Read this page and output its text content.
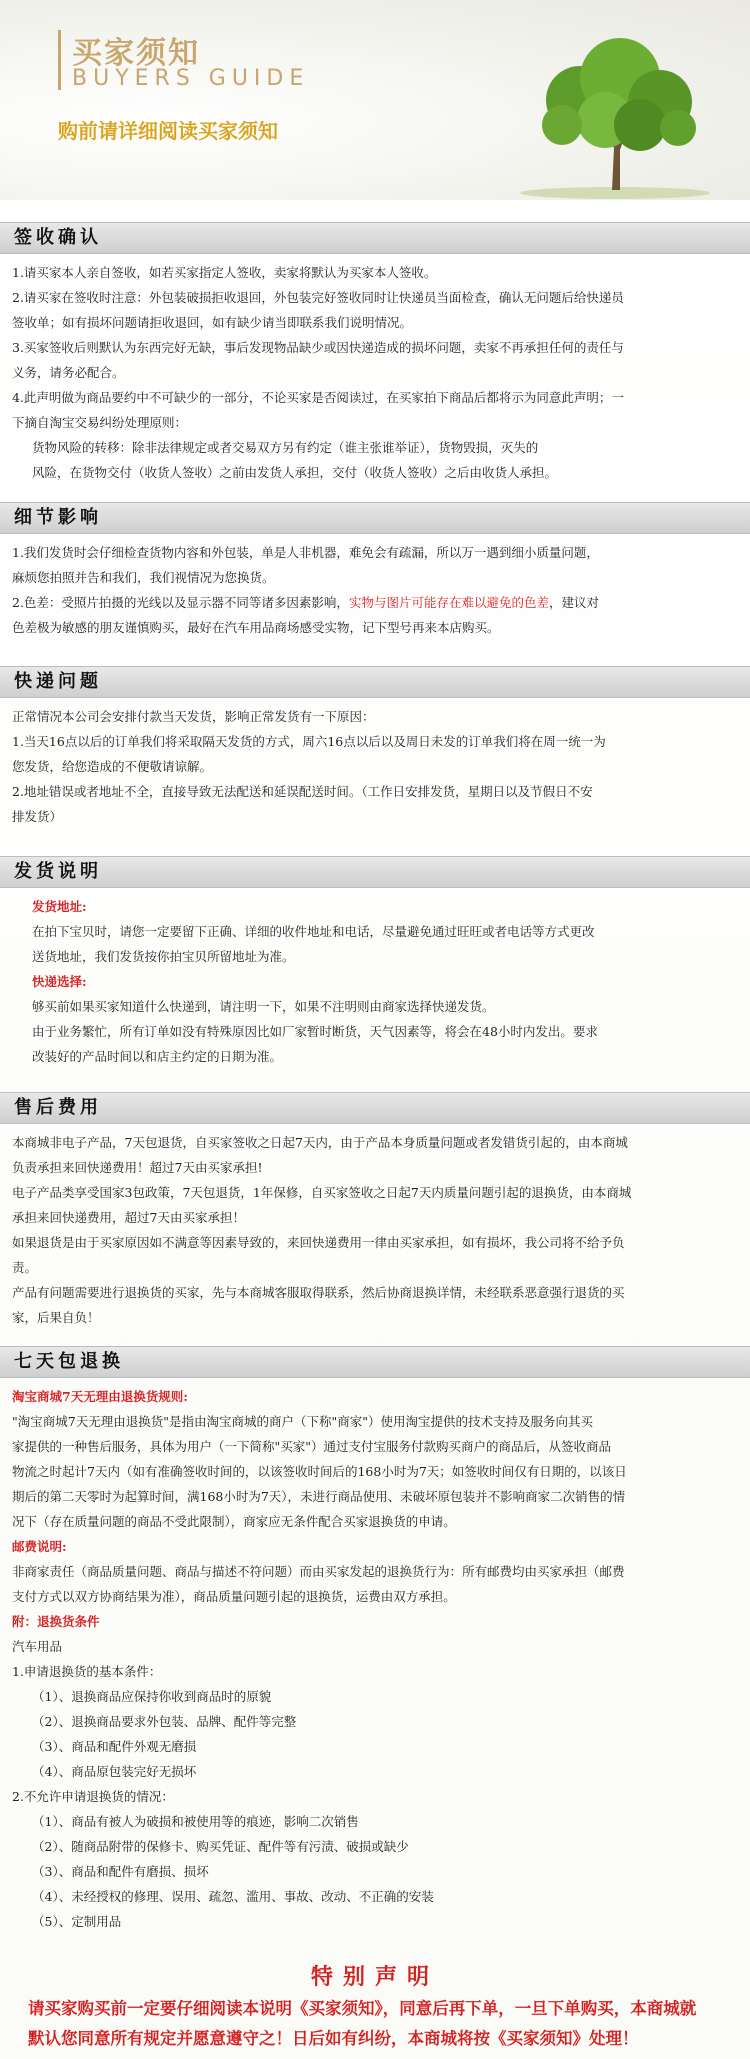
买家须知
BUYERS GUIDE
购前请详细阅读买家须知
签收确认

1.请买家本人亲自签收，如若买家指定人签收，卖家将默认为买家本人签收。

2.请买家在签收时注意：外包装破损拒收退回，外包装完好签收同时让快递员当面检查，确认无问题后给快递员

签收单；如有损坏问题请拒收退回，如有缺少请当即联系我们说明情况。

3.买家签收后则默认为东西完好无缺，事后发现物品缺少或因快递造成的损坏问题，卖家不再承担任何的责任与

义务，请务必配合。

4.此声明做为商品要约中不可缺少的一部分，不论买家是否阅读过，在买家拍下商品后都将示为同意此声明；一

下摘自淘宝交易纠纷处理原则：

货物风险的转移：除非法律规定或者交易双方另有约定（谁主张谁举证），货物毁损，灭失的

风险，在货物交付（收货人签收）之前由发货人承担，交付（收货人签收）之后由收货人承担。

细节影响

1.我们发货时会仔细检查货物内容和外包装，单是人非机器，难免会有疏漏，所以万一遇到细小质量问题，

麻烦您拍照并告和我们，我们视情况为您换货。

2.色差：受照片拍摄的光线以及显示器不同等诸多因素影响，实物与图片可能存在难以避免的色差，建议对

色差极为敏感的朋友谨慎购买，最好在汽车用品商场感受实物，记下型号再来本店购买。

快递问题

正常情况本公司会安排付款当天发货，影响正常发货有一下原因：

1.当天16点以后的订单我们将采取隔天发货的方式，周六16点以后以及周日未发的订单我们将在周一统一为

您发货，给您造成的不便敬请谅解。

2.地址错误或者地址不全，直接导致无法配送和延误配送时间。（工作日安排发货，星期日以及节假日不安

排发货）

发货说明

发货地址:

在拍下宝贝时，请您一定要留下正确、详细的收件地址和电话，尽量避免通过旺旺或者电话等方式更改

送货地址，我们发货按你拍宝贝所留地址为准。

快递选择:

够买前如果买家知道什么快递到，请注明一下，如果不注明则由商家选择快递发货。

由于业务繁忙，所有订单如没有特殊原因比如厂家暂时断货，天气因素等，将会在48小时内发出。要求

改装好的产品时间以和店主约定的日期为准。

售后费用

本商城非电子产品，7天包退货，自买家签收之日起7天内，由于产品本身质量问题或者发错货引起的，由本商城

负责承担来回快递费用！超过7天由买家承担!

电子产品类享受国家3包政策，7天包退货，1年保修，自买家签收之日起7天内质量问题引起的退换货，由本商城

承担来回快递费用，超过7天由买家承担！

如果退货是由于买家原因如不满意等因素导致的，来回快递费用一律由买家承担，如有损坏，我公司将不给予负

责。

产品有问题需要进行退换货的买家，先与本商城客服取得联系，然后协商退换详情，未经联系恶意强行退货的买

家，后果自负！

七天包退换

淘宝商城7天无理由退换货规则:

"淘宝商城7天无理由退换货"是指由淘宝商城的商户（下称"商家"）使用淘宝提供的技术支持及服务向其买

家提供的一种售后服务，具体为用户（一下简称"买家"）通过支付宝服务付款购买商户的商品后，从签收商品

物流之时起计7天内（如有准确签收时间的，以该签收时间后的168小时为7天；如签收时间仅有日期的，以该日

期后的第二天零时为起算时间，满168小时为7天），未进行商品使用、未破坏原包装并不影响商家二次销售的情

况下（存在质量问题的商品不受此限制），商家应无条件配合买家退换货的申请。

邮费说明:

非商家责任（商品质量问题、商品与描述不符问题）而由买家发起的退换货行为：所有邮费均由买家承担（邮费

支付方式以双方协商结果为准），商品质量问题引起的退换货，运费由双方承担。

附：退换货条件

汽车用品

1.申请退换货的基本条件：

（1）、退换商品应保持你收到商品时的原貌

（2）、退换商品要求外包装、品牌、配件等完整

（3）、商品和配件外观无磨损

（4）、商品原包装完好无损坏

2.不允许申请退换货的情况：

（1）、商品有被人为破损和被使用等的痕迹，影响二次销售

（2）、随商品附带的保修卡、购买凭证、配件等有污渍、破损或缺少

（3）、商品和配件有磨损、损坏

（4）、未经授权的修理、误用、疏忽、滥用、事故、改动、不正确的安装

（5）、定制用品

特别声明

请买家购买前一定要仔细阅读本说明《买家须知》，同意后再下单，一旦下单购买，本商城就

默认您同意所有规定并愿意遵守之！日后如有纠纷，本商城将按《买家须知》处理！
